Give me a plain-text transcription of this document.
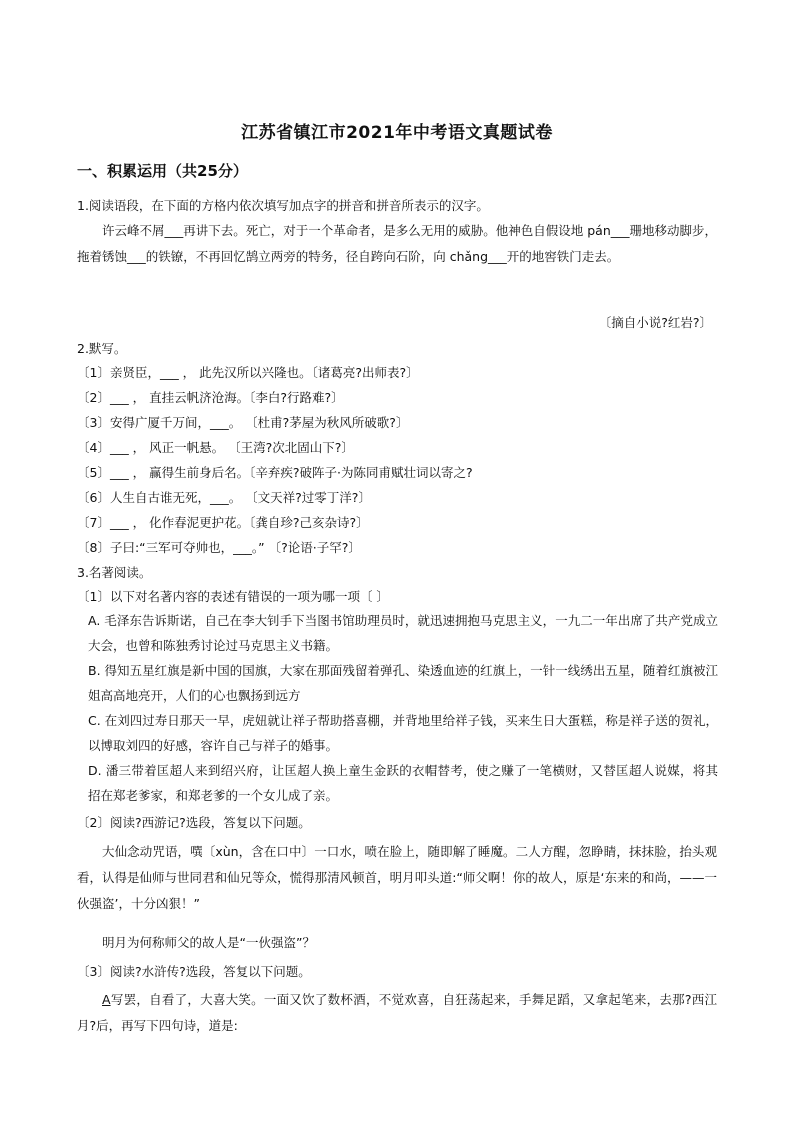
江苏省镇江市2021年中考语文真题试卷
一、积累运用（共25分）
1.阅读语段，在下面的方格内依次填写加点字的拼音和拼音所表示的汉字。
许云峰不屑___再讲下去。死亡，对于一个革命者，是多么无用的威胁。他神色自假设地 pán___珊地移动脚步，拖着锈蚀___的铁镣，不再回忆鹄立两旁的特务，径自跨向石阶，向 chǎng___开的地窖铁门走去。
〔摘自小说?红岩?〕
2.默写。
〔1〕亲贤臣，___ ， 此先汉所以兴隆也。〔诸葛亮?出师表?〕
〔2〕___ ， 直挂云帆济沧海。〔李白?行路难?〕
〔3〕安得广厦千万间，___。 〔杜甫?茅屋为秋风所破歌?〕
〔4〕___ ， 风正一帆悬。 〔王湾?次北固山下?〕
〔5〕___ ， 赢得生前身后名。〔辛弃疾?破阵子·为陈同甫赋壮词以寄之?
〔6〕人生自古谁无死，___。 〔文天祥?过零丁洋?〕
〔7〕___ ， 化作春泥更护花。〔龚自珍?己亥杂诗?〕
〔8〕子曰:“三军可夺帅也，___。” 〔?论语·子罕?〕
3.名著阅读。
〔1〕以下对名著内容的表述有错误的一项为哪一项〔 〕
A. 毛泽东告诉斯诺，自己在李大钊手下当图书馆助理员时，就迅速拥抱马克思主义，一九二一年出席了共产党成立大会，也曾和陈独秀讨论过马克思主义书籍。
B. 得知五星红旗是新中国的国旗，大家在那面残留着弹孔、染透血迹的红旗上，一针一线绣出五星，随着红旗被江姐高高地亮开，人们的心也飘扬到远方
C. 在刘四过寿日那天一早，虎妞就让祥子帮助搭喜棚，并背地里给祥子钱，买来生日大蛋糕，称是祥子送的贺礼，以博取刘四的好感，容许自己与祥子的婚事。
D. 潘三带着匡超人来到绍兴府，让匡超人换上童生金跃的衣帽替考，使之赚了一笔横财，又替匡超人说媒，将其招在郑老爹家，和郑老爹的一个女儿成了亲。
〔2〕阅读?西游记?选段，答复以下问题。
大仙念动咒语，噀〔xùn，含在口中〕一口水，喷在脸上，随即解了睡魔。二人方醒，忽睁睛，抹抹脸，抬头观看，认得是仙师与世同君和仙兄等众，慌得那清风顿首，明月叩头道:“师父啊！你的故人，原是‘东来的和尚，——一伙强盗’，十分凶狠！”
明月为何称师父的故人是“一伙强盗”？
〔3〕阅读?水浒传?选段，答复以下问题。
A写罢，自看了，大喜大笑。一面又饮了数杯酒，不觉欢喜，自狂荡起来，手舞足蹈，又拿起笔来，去那?西江月?后，再写下四句诗，道是:
